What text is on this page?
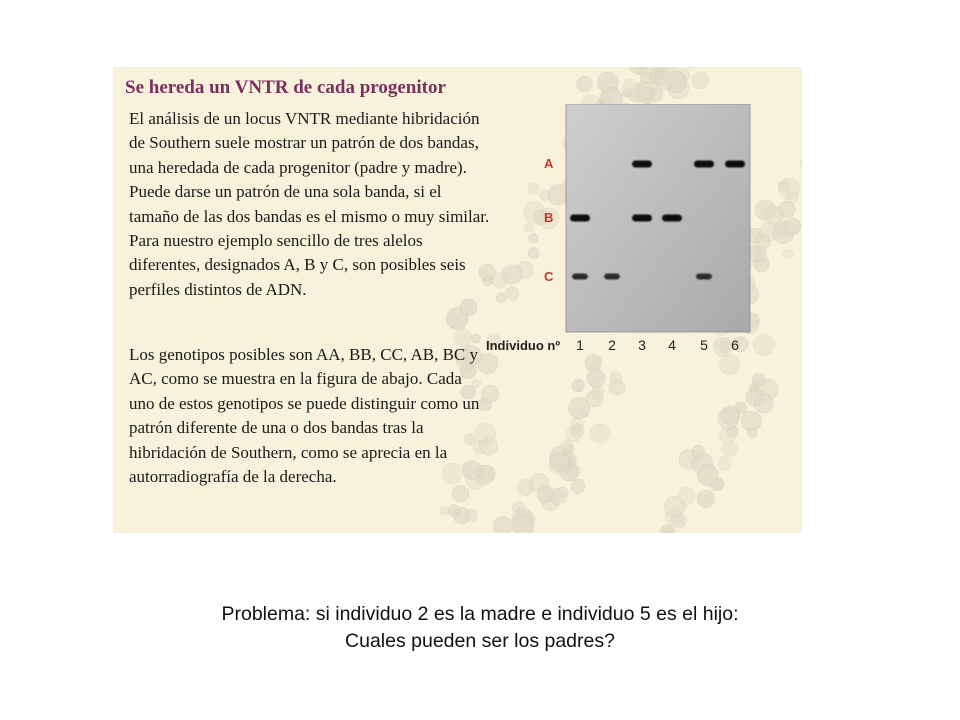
Se hereda un VNTR de cada progenitor

El análisis de un locus VNTR mediante hibridación de Southern suele mostrar un patrón de dos bandas, una heredada de cada progenitor (padre y madre). Puede darse un patrón de una sola banda, si el tamaño de las dos bandas es el mismo o muy similar. Para nuestro ejemplo sencillo de tres alelos diferentes, designados A, B y C, son posibles seis perfiles distintos de ADN.

Los genotipos posibles son AA, BB, CC, AB, BC y AC, como se muestra en la figura de abajo. Cada uno de estos genotipos se puede distinguir como un patrón diferente de una o dos bandas tras la hibridación de Southern, como se aprecia en la autorradiografía de la derecha.

A
B
C
Individuo nº 1 2 3 4 5 6
Problema: si individuo 2 es la madre e individuo 5 es el hijo:
Cuales pueden ser los padres?
